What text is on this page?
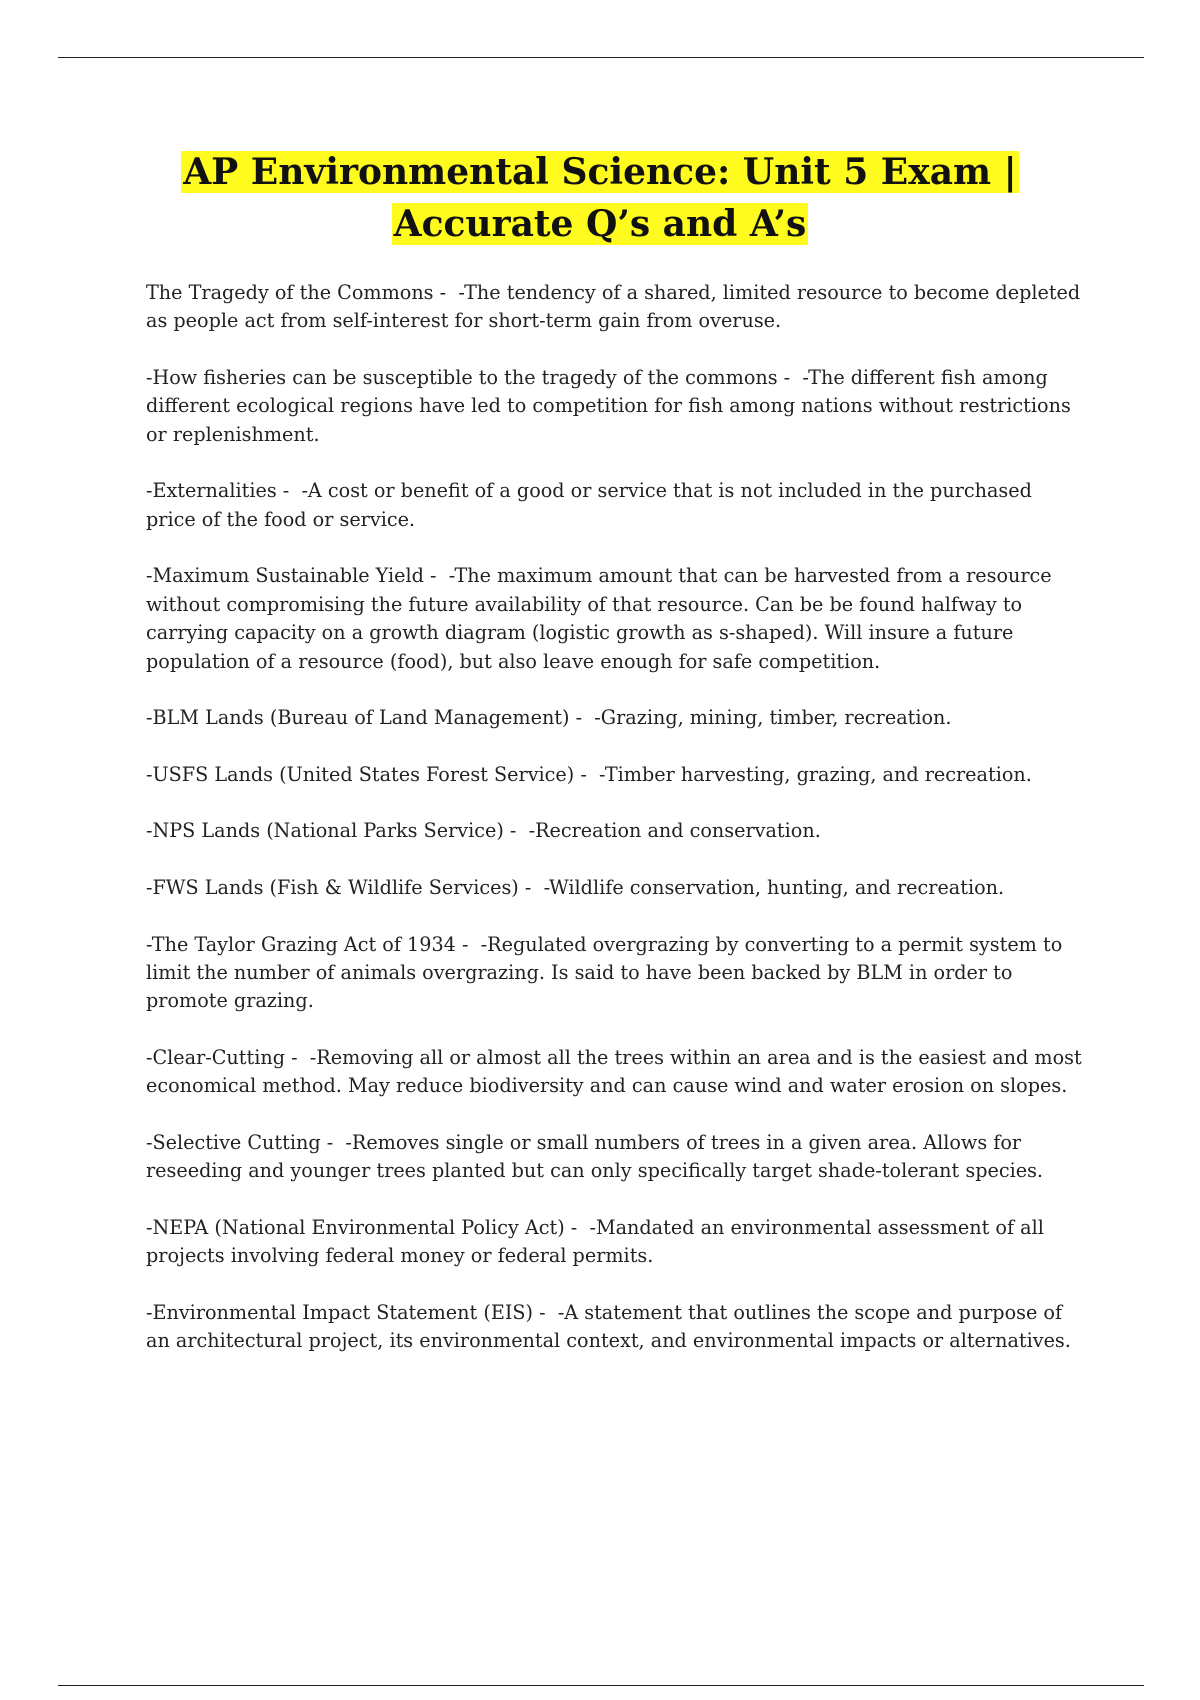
AP Environmental Science: Unit 5 Exam |
Accurate Q’s and A’s

The Tragedy of the Commons - -The tendency of a shared, limited resource to become depleted as people act from self-interest for short-term gain from overuse.

-How fisheries can be susceptible to the tragedy of the commons - -The different fish among different ecological regions have led to competition for fish among nations without restrictions or replenishment.

-Externalities - -A cost or benefit of a good or service that is not included in the purchased price of the food or service.

-Maximum Sustainable Yield - -The maximum amount that can be harvested from a resource without compromising the future availability of that resource. Can be be found halfway to carrying capacity on a growth diagram (logistic growth as s-shaped). Will insure a future population of a resource (food), but also leave enough for safe competition.

-BLM Lands (Bureau of Land Management) - -Grazing, mining, timber, recreation.

-USFS Lands (United States Forest Service) - -Timber harvesting, grazing, and recreation.

-NPS Lands (National Parks Service) - -Recreation and conservation.

-FWS Lands (Fish & Wildlife Services) - -Wildlife conservation, hunting, and recreation.

-The Taylor Grazing Act of 1934 - -Regulated overgrazing by converting to a permit system to limit the number of animals overgrazing. Is said to have been backed by BLM in order to promote grazing.

-Clear-Cutting - -Removing all or almost all the trees within an area and is the easiest and most economical method. May reduce biodiversity and can cause wind and water erosion on slopes.

-Selective Cutting - -Removes single or small numbers of trees in a given area. Allows for reseeding and younger trees planted but can only specifically target shade-tolerant species.

-NEPA (National Environmental Policy Act) - -Mandated an environmental assessment of all projects involving federal money or federal permits.

-Environmental Impact Statement (EIS) - -A statement that outlines the scope and purpose of an architectural project, its environmental context, and environmental impacts or alternatives.
